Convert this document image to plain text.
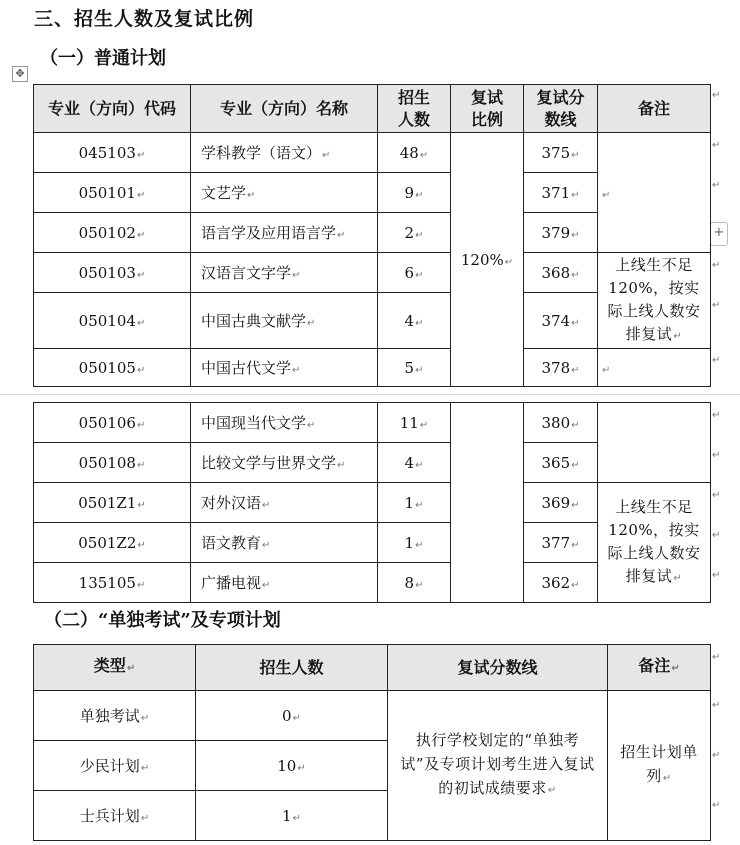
三、招生人数及复试比例
（一）普通计划
✥
+
专业（方向）代码	专业（方向）名称	招生人数	复试比例	复试分数线	备注
045103↵	学科教学（语文）↵	48↵	120%↵	375↵	↵
050101↵	文艺学↵	9↵		371↵	
050102↵	语言学及应用语言学↵	2↵		379↵	
050103↵	汉语言文字学↵	6↵		368↵	上线生不足120%，按实际上线人数安排复试↵
050104↵	中国古典文献学↵	4↵		374↵	
050105↵	中国古代文学↵	5↵		378↵	↵
050106↵	中国现当代文学↵	11↵		380↵	
050108↵	比较文学与世界文学↵	4↵		365↵	
0501Z1↵	对外汉语↵	1↵		369↵	上线生不足120%，按实际上线人数安排复试↵
0501Z2↵	语文教育↵	1↵		377↵	
135105↵	广播电视↵	8↵		362↵	
（二）“单独考试”及专项计划
类型↵	招生人数	复试分数线	备注↵
单独考试↵	0↵	执行学校划定的“单独考试”及专项计划考生进入复试的初试成绩要求↵	招生计划单列↵
少民计划↵	10↵		
士兵计划↵	1↵		
↵
↵
↵
↵
↵
↵
↵
↵
↵
↵
↵
↵
↵
↵
↵
